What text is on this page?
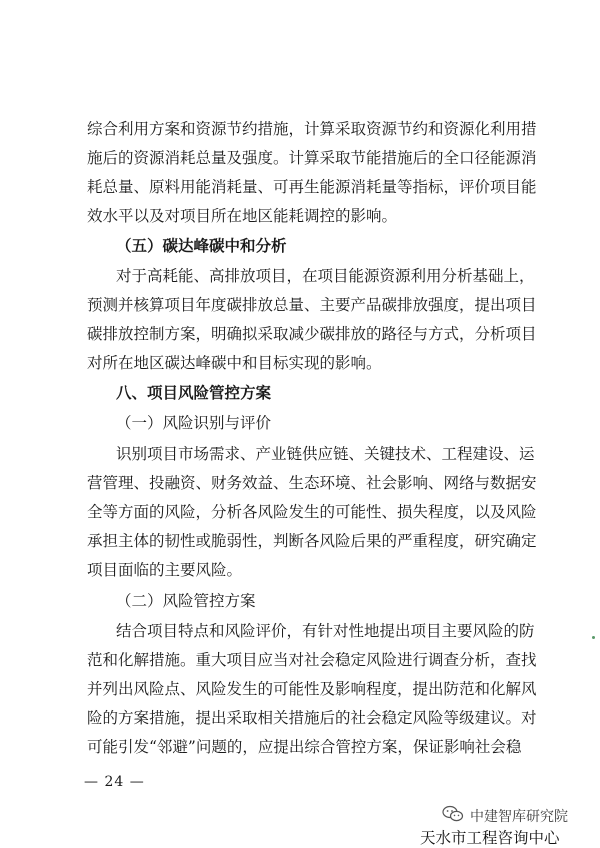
综合利用方案和资源节约措施，计算采取资源节约和资源化利用措
施后的资源消耗总量及强度。计算采取节能措施后的全口径能源消
耗总量、原料用能消耗量、可再生能源消耗量等指标，评价项目能
效水平以及对项目所在地区能耗调控的影响。
（五）碳达峰碳中和分析
对于高耗能、高排放项目，在项目能源资源利用分析基础上，
预测并核算项目年度碳排放总量、主要产品碳排放强度，提出项目
碳排放控制方案，明确拟采取减少碳排放的路径与方式，分析项目
对所在地区碳达峰碳中和目标实现的影响。
八、项目风险管控方案
（一）风险识别与评价
识别项目市场需求、产业链供应链、关键技术、工程建设、运
营管理、投融资、财务效益、生态环境、社会影响、网络与数据安
全等方面的风险，分析各风险发生的可能性、损失程度，以及风险
承担主体的韧性或脆弱性，判断各风险后果的严重程度，研究确定
项目面临的主要风险。
（二）风险管控方案
结合项目特点和风险评价，有针对性地提出项目主要风险的防
范和化解措施。重大项目应当对社会稳定风险进行调查分析，查找
并列出风险点、风险发生的可能性及影响程度，提出防范和化解风
险的方案措施，提出采取相关措施后的社会稳定风险等级建议。对
可能引发“邻避”问题的，应提出综合管控方案，保证影响社会稳
— 24 —
中建智库研究院
天水市工程咨询中心
